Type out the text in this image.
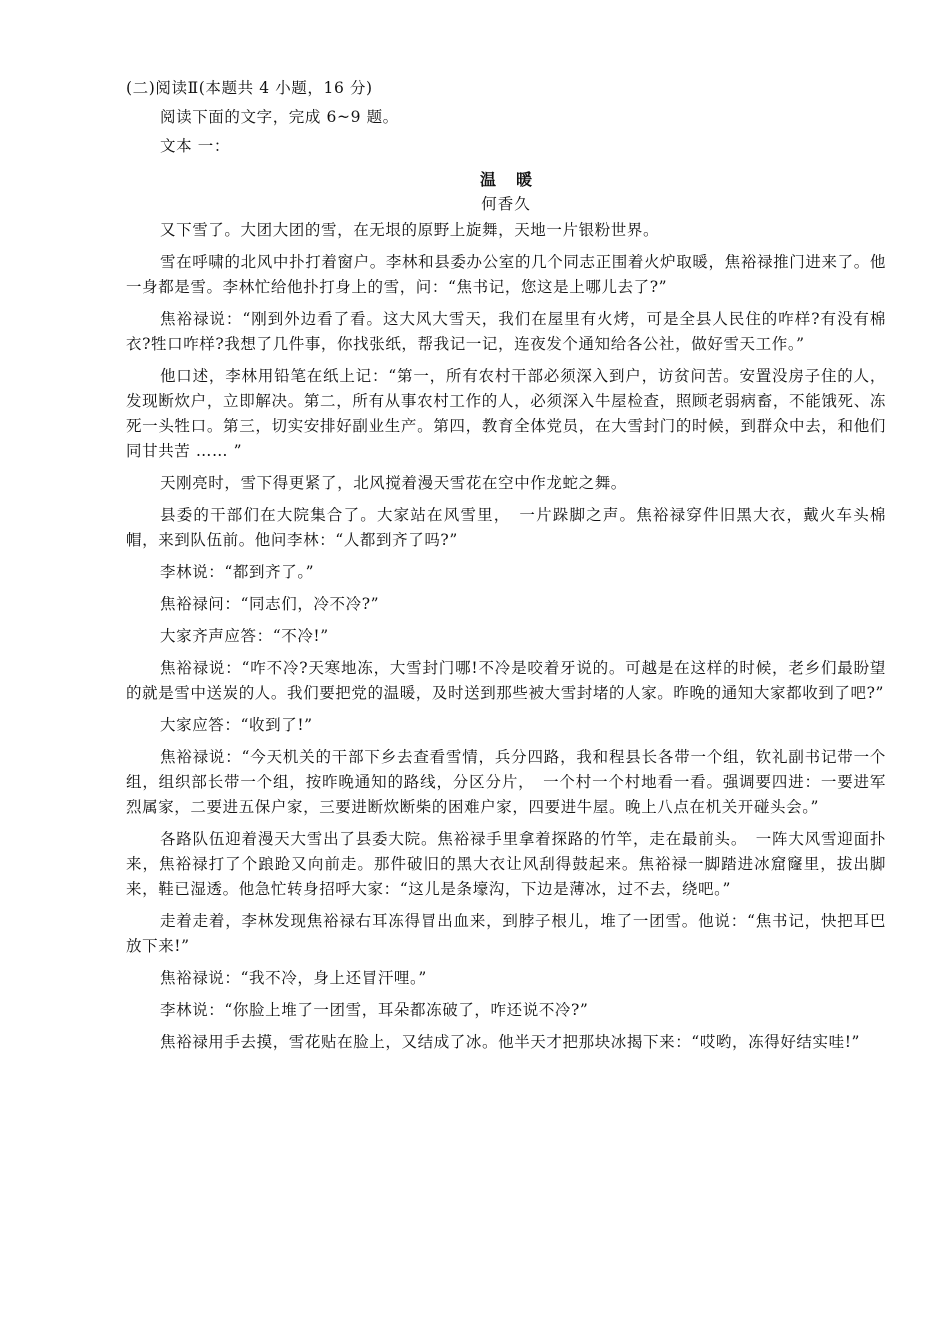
(二)阅读Ⅱ(本题共 4 小题，16 分)

阅读下面的文字，完成 6~9 题。

文本 一：

温暖

何香久

又下雪了。大团大团的雪，在无垠的原野上旋舞，天地一片银粉世界。

雪在呼啸的北风中扑打着窗户。李林和县委办公室的几个同志正围着火炉取暖，焦裕禄推门进来了。他一身都是雪。李林忙给他扑打身上的雪，问：“焦书记，您这是上哪儿去了?”

焦裕禄说：“刚到外边看了看。这大风大雪天，我们在屋里有火烤，可是全县人民住的咋样?有没有棉衣?牲口咋样?我想了几件事，你找张纸，帮我记一记，连夜发个通知给各公社，做好雪天工作。”

他口述，李林用铅笔在纸上记：“第一，所有农村干部必须深入到户，访贫问苦。安置没房子住的人，发现断炊户，立即解决。第二，所有从事农村工作的人，必须深入牛屋检查，照顾老弱病畜，不能饿死、冻死一头牲口。第三，切实安排好副业生产。第四，教育全体党员，在大雪封门的时候，到群众中去，和他们同甘共苦 …… ”

天刚亮时，雪下得更紧了，北风搅着漫天雪花在空中作龙蛇之舞。

县委的干部们在大院集合了。大家站在风雪里，　一片跺脚之声。焦裕禄穿件旧黑大衣，戴火车头棉帽，来到队伍前。他问李林：“人都到齐了吗?”

李林说：“都到齐了。”

焦裕禄问：“同志们，冷不冷?”

大家齐声应答：“不冷!”

焦裕禄说：“咋不冷?天寒地冻，大雪封门哪!不冷是咬着牙说的。可越是在这样的时候，老乡们最盼望的就是雪中送炭的人。我们要把党的温暖，及时送到那些被大雪封堵的人家。昨晚的通知大家都收到了吧?”

大家应答：“收到了!”

焦裕禄说：“今天机关的干部下乡去查看雪情，兵分四路，我和程县长各带一个组，钦礼副书记带一个组，组织部长带一个组，按昨晚通知的路线，分区分片，　一个村一个村地看一看。强调要四进：一要进军烈属家，二要进五保户家，三要进断炊断柴的困难户家，四要进牛屋。晚上八点在机关开碰头会。”

各路队伍迎着漫天大雪出了县委大院。焦裕禄手里拿着探路的竹竿，走在最前头。　一阵大风雪迎面扑来，焦裕禄打了个踉跄又向前走。那件破旧的黑大衣让风刮得鼓起来。焦裕禄一脚踏进冰窟窿里，拔出脚来，鞋已湿透。他急忙转身招呼大家：“这儿是条壕沟，下边是薄冰，过不去，绕吧。”

走着走着，李林发现焦裕禄右耳冻得冒出血来，到脖子根儿，堆了一团雪。他说：“焦书记，快把耳巴放下来!”

焦裕禄说：“我不冷，身上还冒汗哩。”

李林说：“你脸上堆了一团雪，耳朵都冻破了，咋还说不冷?”

焦裕禄用手去摸，雪花贴在脸上，又结成了冰。他半天才把那块冰揭下来：“哎哟，冻得好结实哇!”
